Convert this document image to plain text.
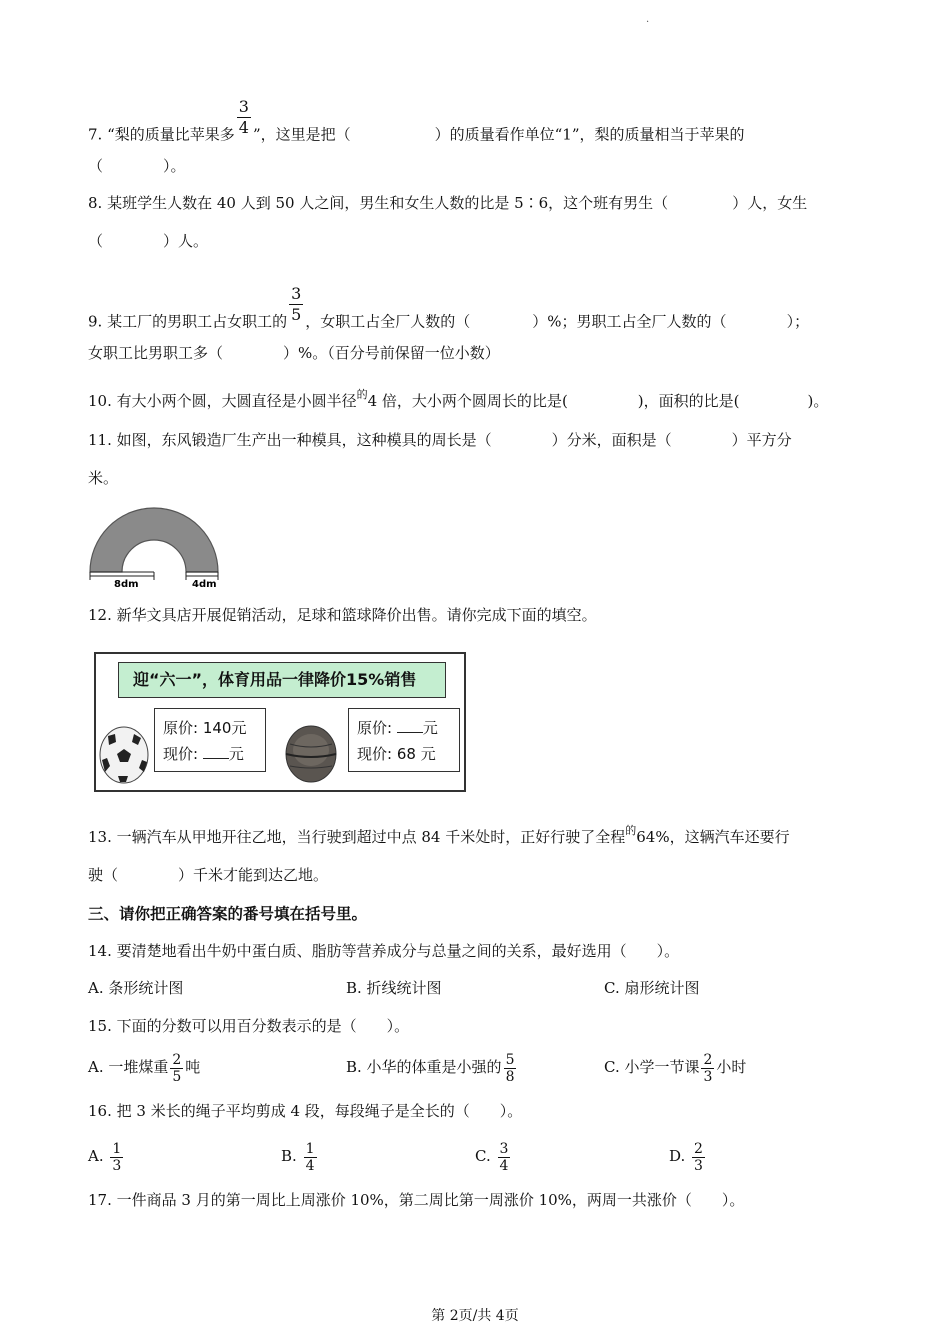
.
7. “梨的质量比苹果多 $\frac{3}{4}$ ”，这里是把（	）的质量看作单位“1”，梨的质量相当于苹果的
（　　　　）。
8. 某班学生人数在 40 人到 50 人之间，男生和女生人数的比是 5∶6，这个班有男生（	）人，女生
（　　　　）人。
9. 某工厂的男职工占女职工的 $\frac{3}{5}$ ，女职工占全厂人数的（	）%；男职工占全厂人数的（	）；
女职工比男职工多（　　　　）%。（百分号前保留一位小数）
10. 有大小两个圆，大圆直径是小圆半径$^的$4 倍，大小两个圆周长的比是(	)，面积的比是(	)。
11. 如图，东风锻造厂生产出一种模具，这种模具的周长是（	）分米，面积是（	）平方分
米。
8dm	4dm
12. 新华文具店开展促销活动，足球和篮球降价出售。请你完成下面的填空。
迎“六一”，体育用品一律降价15%销售
原价: 140元
现价: 元
原价: 元
现价: 68 元
13. 一辆汽车从甲地开往乙地，当行驶到超过中点 84 千米处时，正好行驶了全程$^的$64%，这辆汽车还要行
驶（　　　　）千米才能到达乙地。
三、请你把正确答案的番号填在括号里。
14. 要清楚地看出牛奶中蛋白质、脂肪等营养成分与总量之间的关系，最好选用（　　）。
A. 条形统计图	B. 折线统计图	C. 扇形统计图
15. 下面的分数可以用百分数表示的是（　　）。
A. 一堆煤重 $\frac{2}{5}$ 吨	B. 小华的体重是小强的 $\frac{5}{8}$	C. 小学一节课 $\frac{2}{3}$ 小时
16. 把 3 米长的绳子平均剪成 4 段，每段绳子是全长的（　　）。
A. $\frac{1}{3}$	B. $\frac{1}{4}$	C. $\frac{3}{4}$	D. $\frac{2}{3}$
17. 一件商品 3 月的第一周比上周涨价 10%，第二周比第一周涨价 10%，两周一共涨价（　　）。
第 2页/共 4页
